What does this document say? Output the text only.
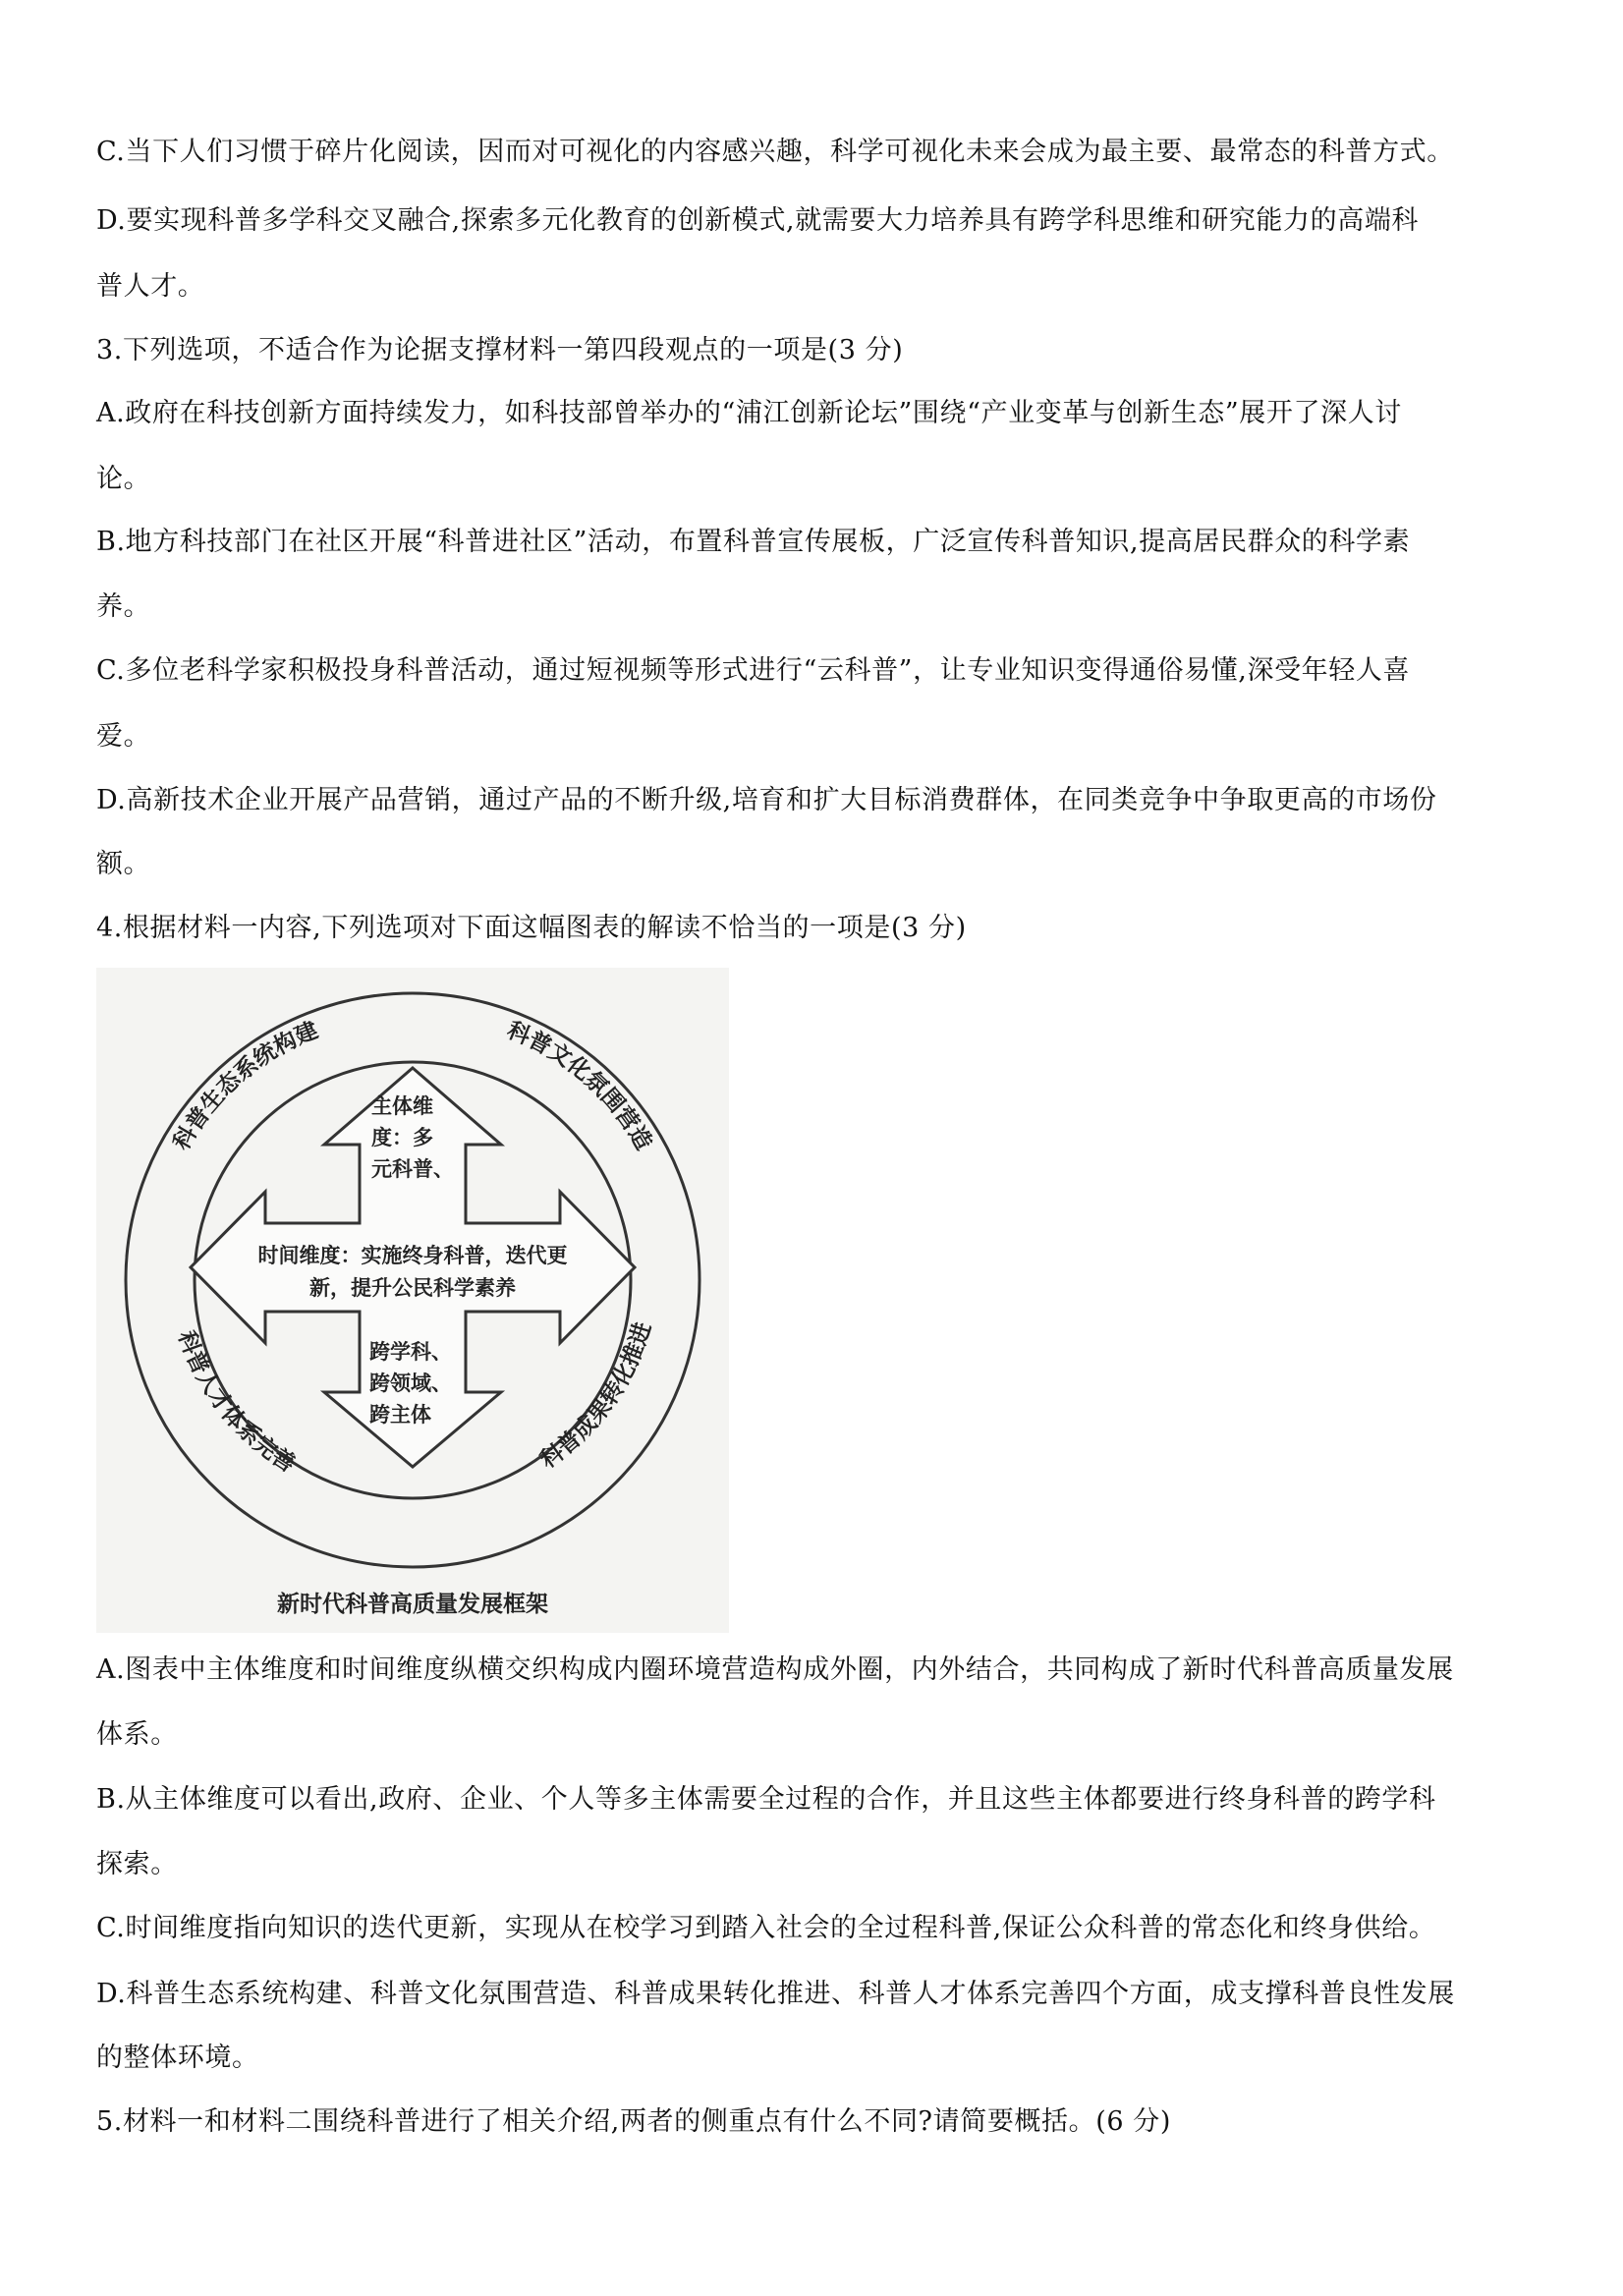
C.当下人们习惯于碎片化阅读，因而对可视化的内容感兴趣，科学可视化未来会成为最主要、最常态的科普方式。

D.要实现科普多学科交叉融合,探索多元化教育的创新模式,就需要大力培养具有跨学科思维和研究能力的高端科

普人才。

3.下列选项，不适合作为论据支撑材料一第四段观点的一项是(3 分)

A.政府在科技创新方面持续发力，如科技部曾举办的“浦江创新论坛”围绕“产业变革与创新生态”展开了深人讨

论。

B.地方科技部门在社区开展“科普进社区”活动，布置科普宣传展板，广泛宣传科普知识,提高居民群众的科学素

养。

C.多位老科学家积极投身科普活动，通过短视频等形式进行“云科普”，让专业知识变得通俗易懂,深受年轻人喜

爱。

D.高新技术企业开展产品营销，通过产品的不断升级,培育和扩大目标消费群体，在同类竞争中争取更高的市场份

额。

4.根据材料一内容,下列选项对下面这幅图表的解读不恰当的一项是(3 分)

科普生态系统构建	科普文化氛围营造
科普人才体系完善	科普成果转化推进
主体维
度：多
元科普、
时间维度：实施终身科普，迭代更
新，提升公民科学素养
跨学科、
跨领域、
跨主体
新时代科普高质量发展框架

A.图表中主体维度和时间维度纵横交织构成内圈环境营造构成外圈，内外结合，共同构成了新时代科普高质量发展

体系。

B.从主体维度可以看出,政府、企业、个人等多主体需要全过程的合作，并且这些主体都要进行终身科普的跨学科

探索。

C.时间维度指向知识的迭代更新，实现从在校学习到踏入社会的全过程科普,保证公众科普的常态化和终身供给。

D.科普生态系统构建、科普文化氛围营造、科普成果转化推进、科普人才体系完善四个方面，成支撑科普良性发展

的整体环境。

5.材料一和材料二围绕科普进行了相关介绍,两者的侧重点有什么不同?请简要概括。(6 分)
